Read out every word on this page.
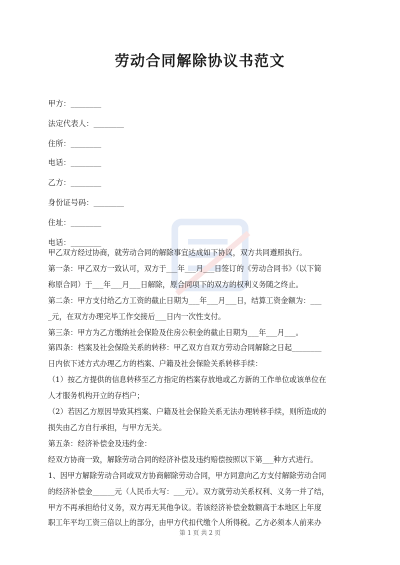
劳动合同解除协议书范文
甲方：________
法定代表人：________
住所：________
电话：________
乙方：________
身份证号码：________
住址：________
电话：________

甲乙双方经过协商，就劳动合同的解除事宜达成如下协议，双方共同遵照执行。

第一条：甲乙双方一致认可，双方于___年___月___日签订的《劳动合同书》（以下简

称原合同）于___年___月___日解除，原合同项下的双方的权利义务随之终止。

第二条：甲方支付给乙方工资的截止日期为___年___月___日，结算工资金额为：___

_元，在双方办理完毕工作交接后___日内一次性支付。

第三条：甲方为乙方缴纳社会保险及住房公积金的截止日期为___年___月___。

第四条：档案及社会保险关系的转移：甲乙双方自双方劳动合同解除之日起________

日内依下述方式办理乙方的档案、户籍及社会保险关系转移手续：

（1）按乙方提供的信息转移至乙方指定的档案存放地或乙方新的工作单位或该单位在

人才服务机构开立的存档户；

（2）若因乙方原因导致其档案、户籍及社会保险关系无法办理转移手续，则所造成的

损失由乙方自行承担，与甲方无关。

第五条：经济补偿金及违约金：

经双方协商一致，解除劳动合同的经济补偿及违约赔偿按照以下第___种方式进行。

1、因甲方解除劳动合同或双方协商解除劳动合同，甲方同意向乙方支付解除劳动合同

的经济补偿金______元（人民币大写：___元）。双方就劳动关系权利、义务一并了结，

甲方不再承担给付义务，双方再无其他争议。若该经济补偿金数额高于本地区上年度

职工年平均工资三倍以上的部分，由甲方代扣代缴个人所得税。乙方必须本人前来办

第 1 页 共 2 页
